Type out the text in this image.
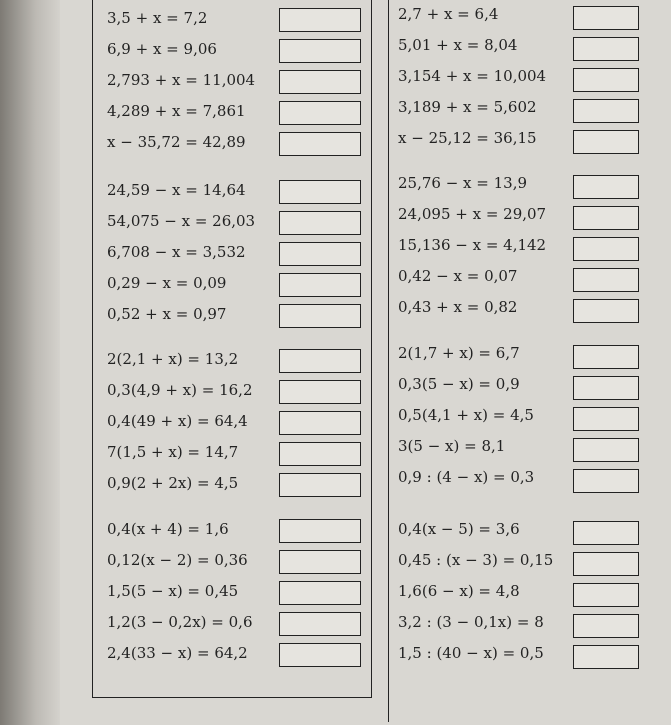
3,5 + x = 7,2
6,9 + x = 9,06
2,793 + x = 11,004
4,289 + x = 7,861
x − 35,72 = 42,89
24,59 − x = 14,64
54,075 − x = 26,03
6,708 − x = 3,532
0,29 − x = 0,09
0,52 + x = 0,97
2(2,1 + x) = 13,2
0,3(4,9 + x) = 16,2
0,4(49 + x) = 64,4
7(1,5 + x) = 14,7
0,9(2 + 2x) = 4,5
0,4(x + 4) = 1,6
0,12(x − 2) = 0,36
1,5(5 − x) = 0,45
1,2(3 − 0,2x) = 0,6
2,4(33 − x) = 64,2
2,7 + x = 6,4
5,01 + x = 8,04
3,154 + x = 10,004
3,189 + x = 5,602
x − 25,12 = 36,15
25,76 − x = 13,9
24,095 + x = 29,07
15,136 − x = 4,142
0,42 − x = 0,07
0,43 + x = 0,82
2(1,7 + x) = 6,7
0,3(5 − x) = 0,9
0,5(4,1 + x) = 4,5
3(5 − x) = 8,1
0,9 : (4 − x) = 0,3
0,4(x − 5) = 3,6
0,45 : (x − 3) = 0,15
1,6(6 − x) = 4,8
3,2 : (3 − 0,1x) = 8
1,5 : (40 − x) = 0,5
